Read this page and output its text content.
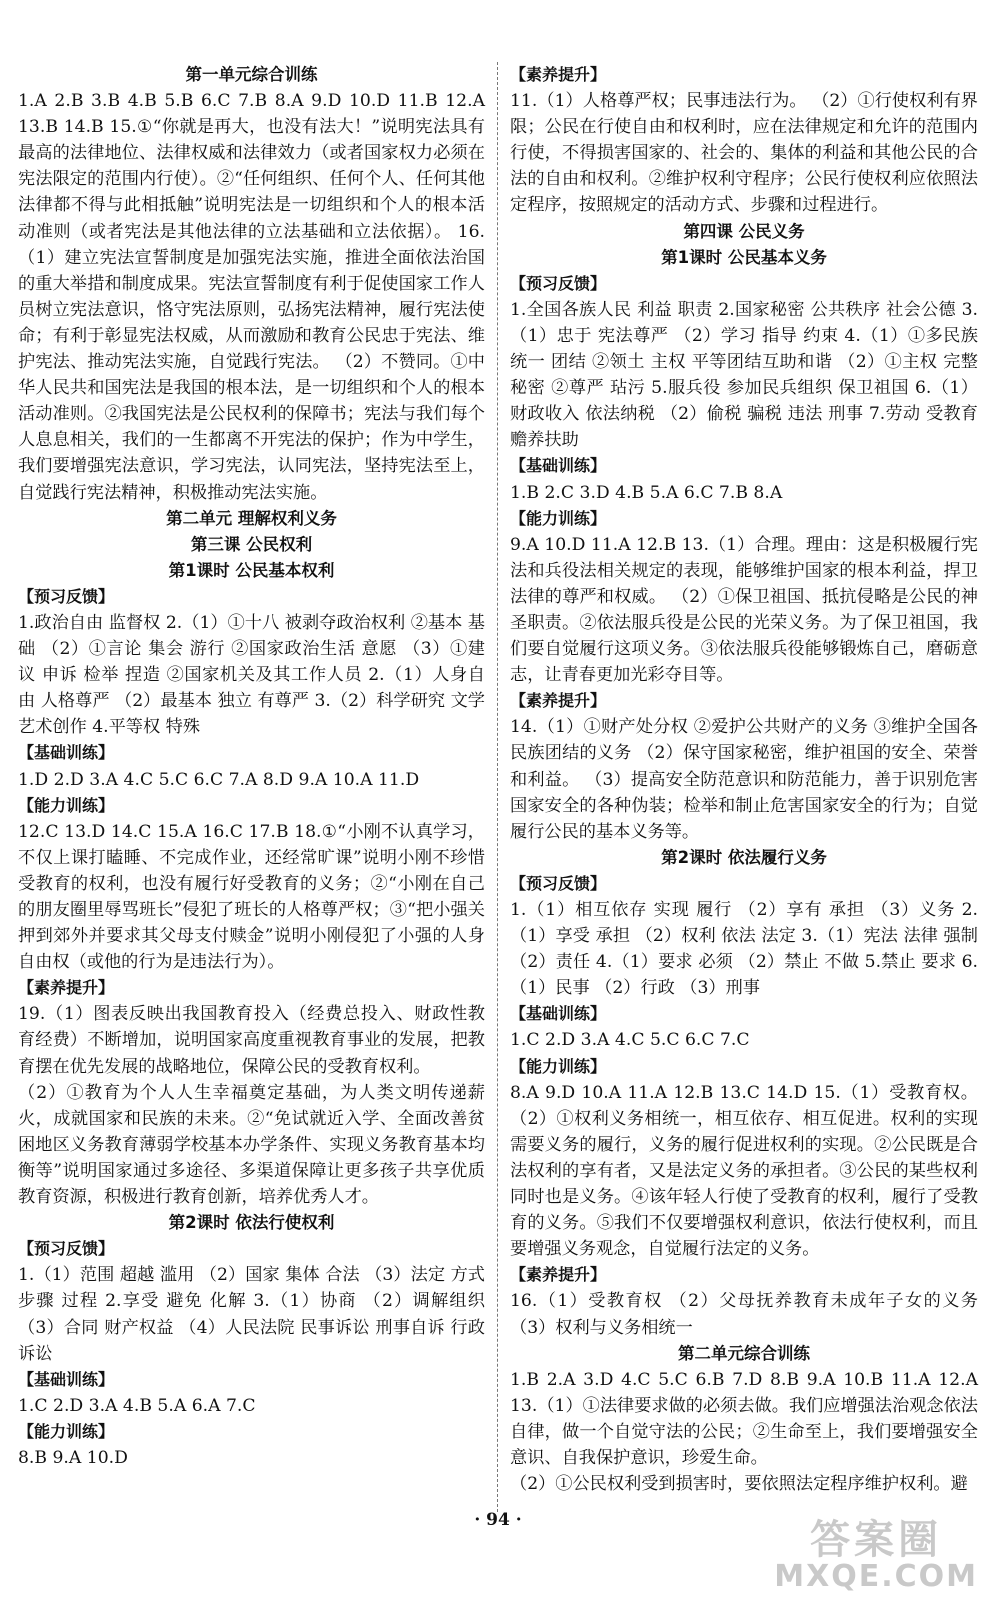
第一单元综合训练

1.A 2.B 3.B 4.B 5.B 6.C 7.B 8.A 9.D 10.D 11.B 12.A 13.B 14.B 15.①“你就是再大，也没有法大！”说明宪法具有最高的法律地位、法律权威和法律效力（或者国家权力必须在宪法限定的范围内行使）。②“任何组织、任何个人、任何其他法律都不得与此相抵触”说明宪法是一切组织和个人的根本活动准则（或者宪法是其他法律的立法基础和立法依据）。 16.（1）建立宪法宣誓制度是加强宪法实施，推进全面依法治国的重大举措和制度成果。宪法宣誓制度有利于促使国家工作人员树立宪法意识，恪守宪法原则，弘扬宪法精神，履行宪法使命；有利于彰显宪法权威，从而激励和教育公民忠于宪法、维护宪法、推动宪法实施，自觉践行宪法。 （2）不赞同。①中华人民共和国宪法是我国的根本法，是一切组织和个人的根本活动准则。②我国宪法是公民权利的保障书；宪法与我们每个人息息相关，我们的一生都离不开宪法的保护；作为中学生，我们要增强宪法意识，学习宪法，认同宪法，坚持宪法至上，自觉践行宪法精神，积极推动宪法实施。

第二单元 理解权利义务
第三课 公民权利
第1课时 公民基本权利
【预习反馈】

1.政治自由 监督权 2.（1）①十八 被剥夺政治权利 ②基本 基础 （2）①言论 集会 游行 ②国家政治生活 意愿 （3）①建议 申诉 检举 捏造 ②国家机关及其工作人员 2.（1）人身自由 人格尊严 （2）最基本 独立 有尊严 3.（2）科学研究 文学艺术创作 4.平等权 特殊

【基础训练】

1.D 2.D 3.A 4.C 5.C 6.C 7.A 8.D 9.A 10.A 11.D

【能力训练】

12.C 13.D 14.C 15.A 16.C 17.B 18.①“小刚不认真学习，不仅上课打瞌睡、不完成作业，还经常旷课”说明小刚不珍惜受教育的权利，也没有履行好受教育的义务；②“小刚在自己的朋友圈里辱骂班长”侵犯了班长的人格尊严权；③“把小强关押到郊外并要求其父母支付赎金”说明小刚侵犯了小强的人身自由权（或他的行为是违法行为）。

【素养提升】

19.（1）图表反映出我国教育投入（经费总投入、财政性教育经费）不断增加，说明国家高度重视教育事业的发展，把教育摆在优先发展的战略地位，保障公民的受教育权利。

（2）①教育为个人人生幸福奠定基础，为人类文明传递薪火，成就国家和民族的未来。②“免试就近入学、全面改善贫困地区义务教育薄弱学校基本办学条件、实现义务教育基本均衡等”说明国家通过多途径、多渠道保障让更多孩子共享优质教育资源，积极进行教育创新，培养优秀人才。

第2课时 依法行使权利
【预习反馈】

1.（1）范围 超越 滥用 （2）国家 集体 合法 （3）法定 方式 步骤 过程 2.享受 避免 化解 3.（1）协商 （2）调解组织 （3）合同 财产权益 （4）人民法院 民事诉讼 刑事自诉 行政诉讼

【基础训练】

1.C 2.D 3.A 4.B 5.A 6.A 7.C

【能力训练】

8.B 9.A 10.D

【素养提升】

11.（1）人格尊严权；民事违法行为。 （2）①行使权利有界限；公民在行使自由和权利时，应在法律规定和允许的范围内行使，不得损害国家的、社会的、集体的利益和其他公民的合法的自由和权利。②维护权利守程序；公民行使权利应依照法定程序，按照规定的活动方式、步骤和过程进行。

第四课 公民义务
第1课时 公民基本义务
【预习反馈】

1.全国各族人民 利益 职责 2.国家秘密 公共秩序 社会公德 3.（1）忠于 宪法尊严 （2）学习 指导 约束 4.（1）①多民族 统一 团结 ②领土 主权 平等团结互助和谐 （2）①主权 完整 秘密 ②尊严 玷污 5.服兵役 参加民兵组织 保卫祖国 6.（1）财政收入 依法纳税 （2）偷税 骗税 违法 刑事 7.劳动 受教育 赡养扶助

【基础训练】

1.B 2.C 3.D 4.B 5.A 6.C 7.B 8.A

【能力训练】

9.A 10.D 11.A 12.B 13.（1）合理。理由：这是积极履行宪法和兵役法相关规定的表现，能够维护国家的根本利益，捍卫法律的尊严和权威。 （2）①保卫祖国、抵抗侵略是公民的神圣职责。②依法服兵役是公民的光荣义务。为了保卫祖国，我们要自觉履行这项义务。③依法服兵役能够锻炼自己，磨砺意志，让青春更加光彩夺目等。

【素养提升】

14.（1）①财产处分权 ②爱护公共财产的义务 ③维护全国各民族团结的义务 （2）保守国家秘密，维护祖国的安全、荣誉和利益。 （3）提高安全防范意识和防范能力，善于识别危害国家安全的各种伪装；检举和制止危害国家安全的行为；自觉履行公民的基本义务等。

第2课时 依法履行义务
【预习反馈】

1.（1）相互依存 实现 履行 （2）享有 承担 （3）义务 2.（1）享受 承担 （2）权利 依法 法定 3.（1）宪法 法律 强制 （2）责任 4.（1）要求 必须 （2）禁止 不做 5.禁止 要求 6.（1）民事 （2）行政 （3）刑事

【基础训练】

1.C 2.D 3.A 4.C 5.C 6.C 7.C

【能力训练】

8.A 9.D 10.A 11.A 12.B 13.C 14.D 15.（1）受教育权。 （2）①权利义务相统一，相互依存、相互促进。权利的实现需要义务的履行，义务的履行促进权利的实现。②公民既是合法权利的享有者，又是法定义务的承担者。③公民的某些权利同时也是义务。④该年轻人行使了受教育的权利，履行了受教育的义务。⑤我们不仅要增强权利意识，依法行使权利，而且要增强义务观念，自觉履行法定的义务。

【素养提升】

16.（1）受教育权 （2）父母抚养教育未成年子女的义务 （3）权利与义务相统一

第二单元综合训练

1.B 2.A 3.D 4.C 5.C 6.B 7.D 8.B 9.A 10.B 11.A 12.A 13.（1）①法律要求做的必须去做。我们应增强法治观念依法自律，做一个自觉守法的公民；②生命至上，我们要增强安全意识、自我保护意识，珍爱生命。

（2）①公民权利受到损害时，要依照法定程序维护权利。避

· 94 ·	答案圈
MXQE.COM
